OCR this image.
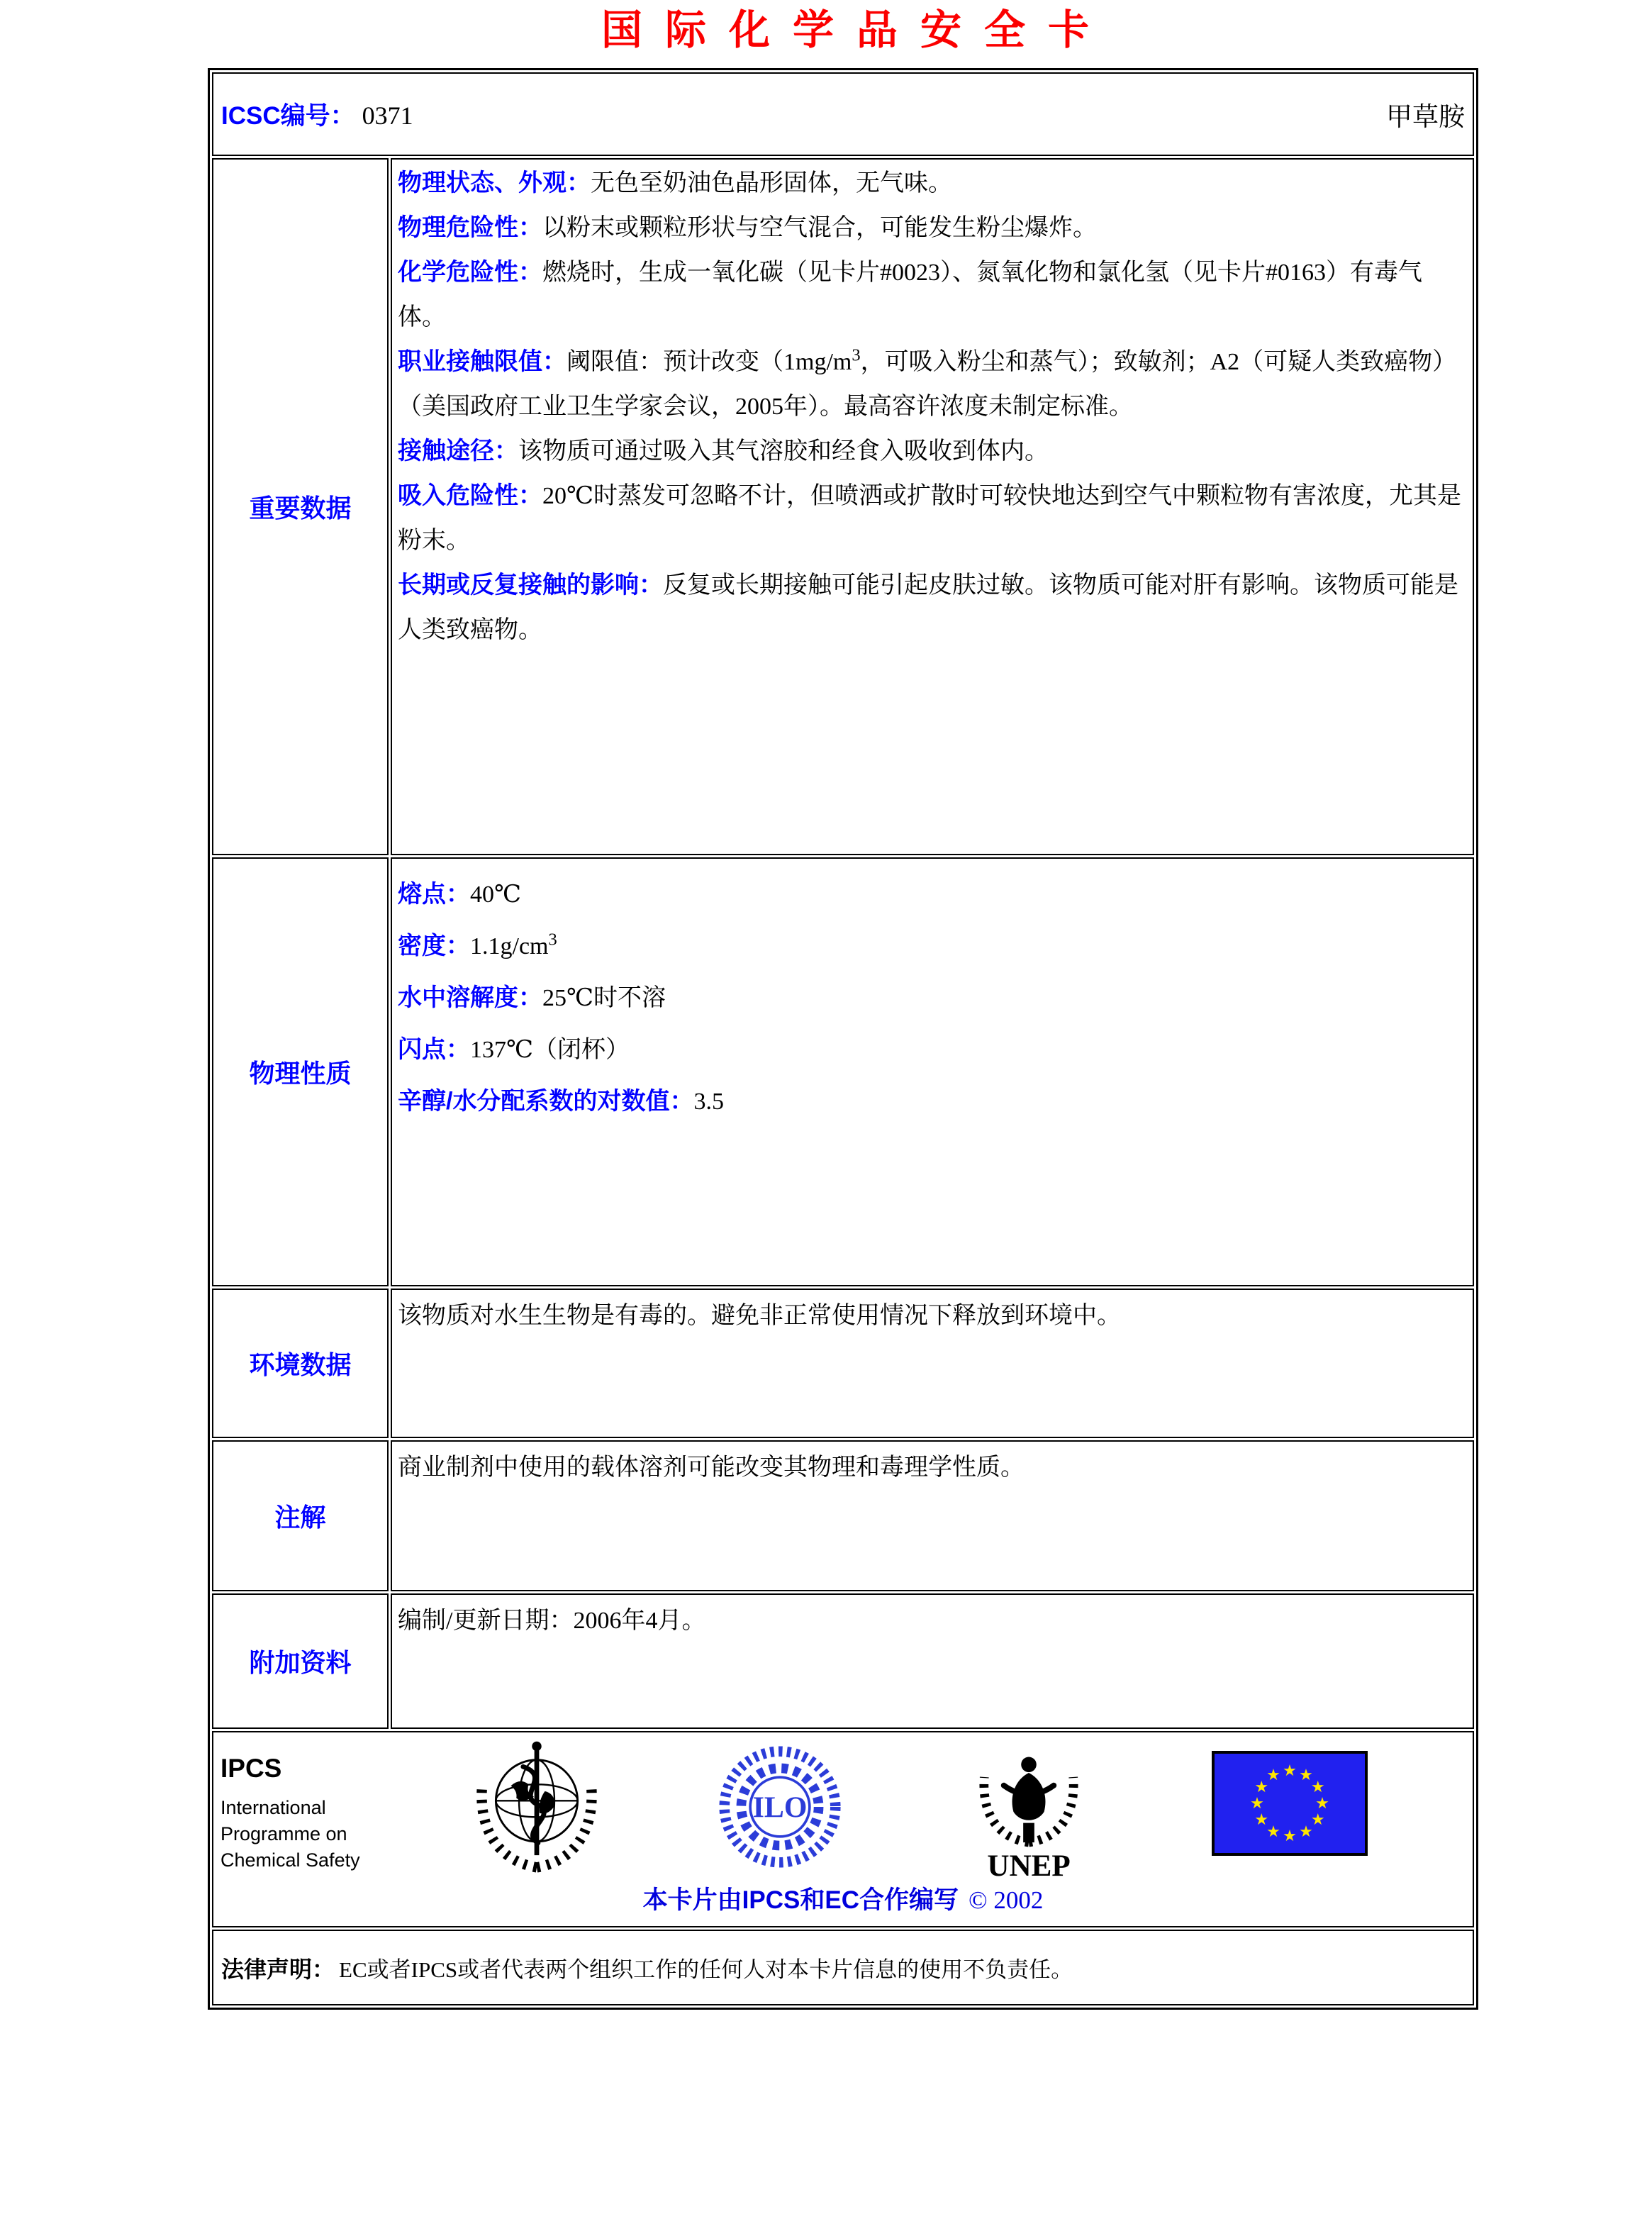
国际化学品安全卡
ICSC编号： 0371 甲草胺	

重要数据	
物理状态、外观：无色至奶油色晶形固体，无气味。
物理危险性：以粉末或颗粒形状与空气混合，可能发生粉尘爆炸。
化学危险性：燃烧时，生成一氧化碳（见卡片#0023）、氮氧化物和氯化氢（见卡片#0163）有毒气体。
职业接触限值：阈限值：预计改变（$1mg/m^3$，可吸入粉尘和蒸气）；致敏剂；A2（可疑人类致癌物）（美国政府工业卫生学家会议，2005年）。最高容许浓度未制定标准。
接触途径：该物质可通过吸入其气溶胶和经食入吸收到体内。
吸入危险性：20℃时蒸发可忽略不计，但喷洒或扩散时可较快地达到空气中颗粒物有害浓度，尤其是粉末。
长期或反复接触的影响：反复或长期接触可能引起皮肤过敏。该物质可能对肝有影响。该物质可能是人类致癌物。

物理性质	熔点：40℃
密度：$1.1g/cm^3$
水中溶解度：25℃时不溶
闪点：137℃（闭杯）
辛醇/水分配系数的对数值：3.5

环境数据	该物质对水生生物是有毒的。避免非正常使用情况下释放到环境中。

注解	商业制剂中使用的载体溶剂可能改变其物理和毒理学性质。

附加资料	编制/更新日期：2006年4月。

IPCS
International
Programme on
Chemical Safety
ILO
UNEP
★ ★
★
★
★
★
★
★
★
★
★
★
本卡片由IPCS和EC合作编写 © 2002

法律声明： EC或者IPCS或者代表两个组织工作的任何人对本卡片信息的使用不负责任。	
